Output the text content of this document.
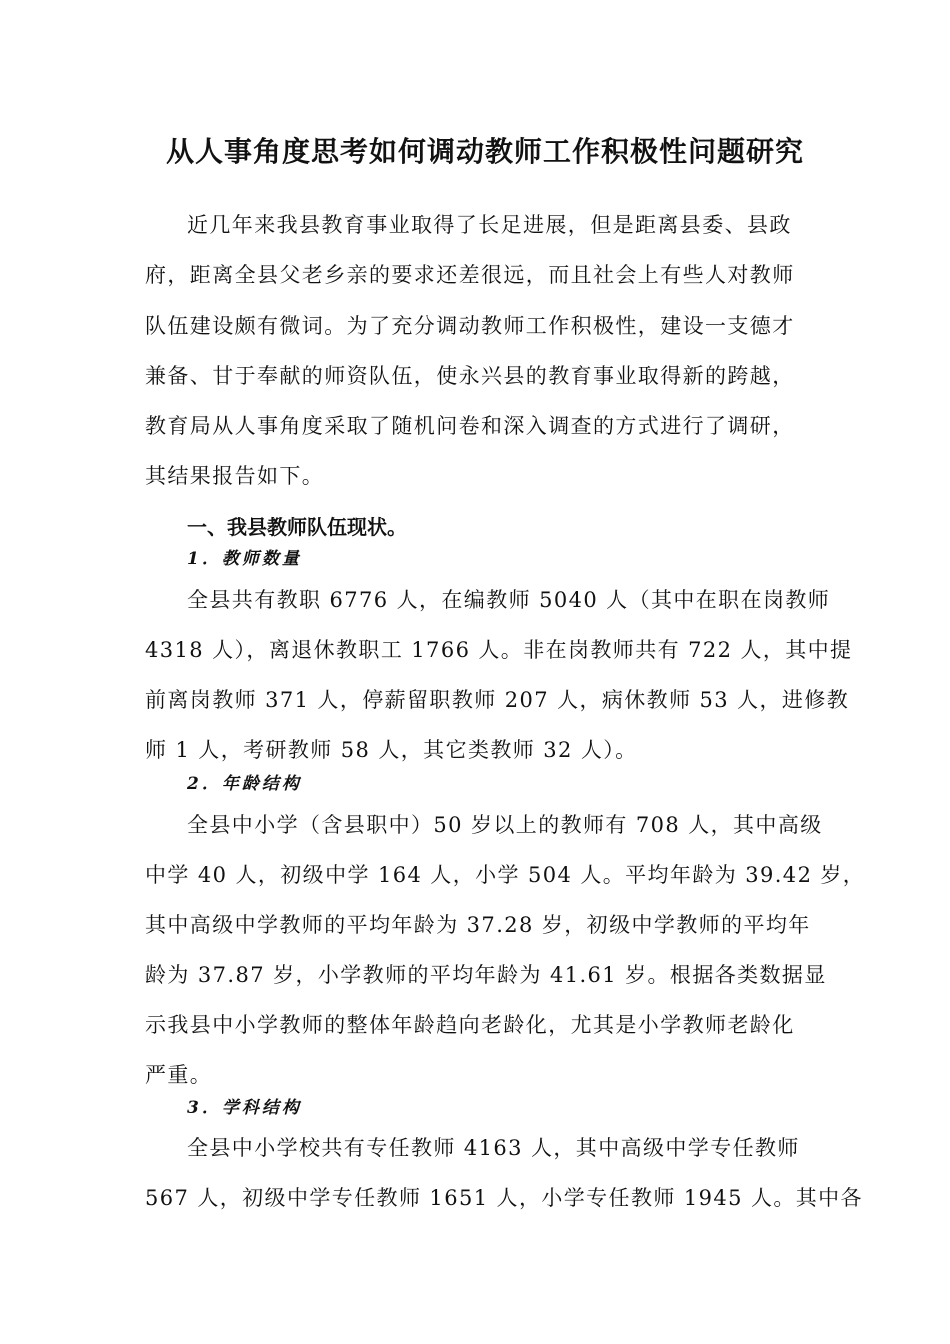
从人事角度思考如何调动教师工作积极性问题研究
近几年来我县教育事业取得了长足进展，但是距离县委、县政
府，距离全县父老乡亲的要求还差很远，而且社会上有些人对教师
队伍建设颇有微词。为了充分调动教师工作积极性，建设一支德才
兼备、甘于奉献的师资队伍，使永兴县的教育事业取得新的跨越，
教育局从人事角度采取了随机问卷和深入调查的方式进行了调研，
其结果报告如下。
一、我县教师队伍现状。
1．教师数量
全县共有教职 6776 人，在编教师 5040 人（其中在职在岗教师
4318 人），离退休教职工 1766 人。非在岗教师共有 722 人，其中提
前离岗教师 371 人，停薪留职教师 207 人，病休教师 53 人，进修教
师 1 人，考研教师 58 人，其它类教师 32 人）。
2．年龄结构
全县中小学（含县职中）50 岁以上的教师有 708 人，其中高级
中学 40 人，初级中学 164 人，小学 504 人。平均年龄为 39.42 岁，
其中高级中学教师的平均年龄为 37.28 岁，初级中学教师的平均年
龄为 37.87 岁，小学教师的平均年龄为 41.61 岁。根据各类数据显
示我县中小学教师的整体年龄趋向老龄化，尤其是小学教师老龄化
严重。
3．学科结构
全县中小学校共有专任教师 4163 人，其中高级中学专任教师
567 人，初级中学专任教师 1651 人，小学专任教师 1945 人。其中各
